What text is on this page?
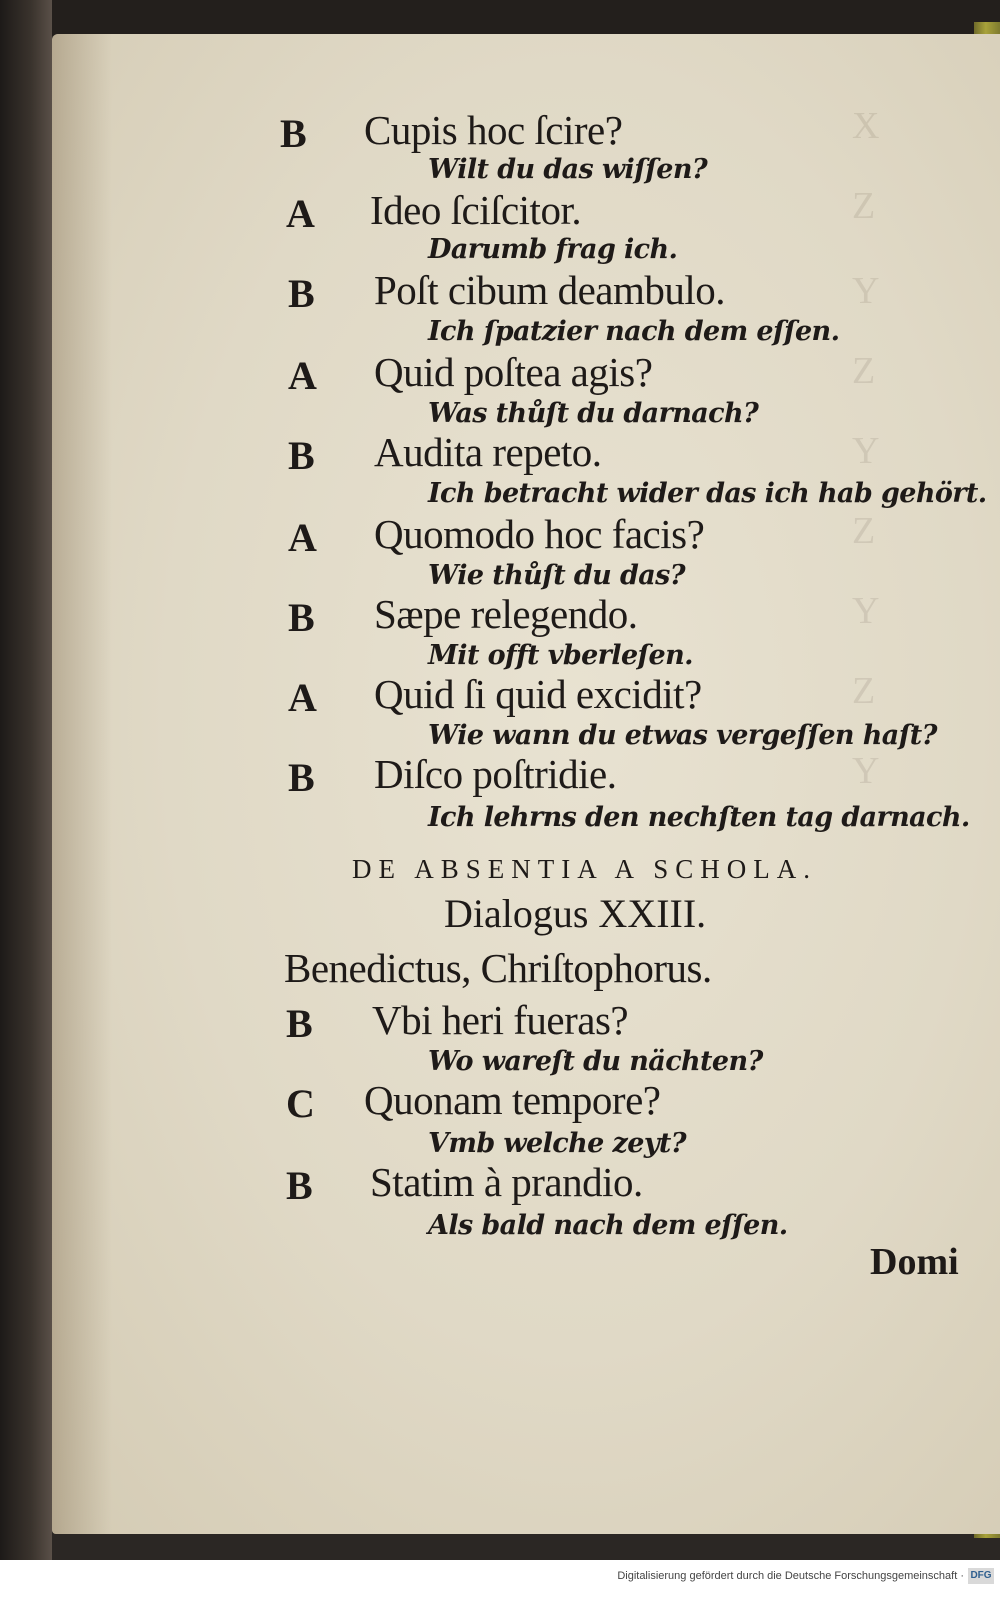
X
Z
Y
Z
Y
Z
Y
Z
Y
B Cupis hoc ſcire?
Wilt du das wiſſen?
A Ideo ſciſcitor.
Darumb frag ich.
B Poſt cibum deambulo.
Ich ſpatzier nach dem eſſen.
A Quid poſtea agis?
Was thůſt du darnach?
B Audita repeto.
Ich betracht wider das ich hab gehört.
A Quomodo hoc facis?
Wie thůſt du das?
B Sæpe relegendo.
Mit offt vberleſen.
A Quid ſi quid excidit?
Wie wann du etwas vergeſſen haſt?
B Diſco poſtridie.
Ich lehrns den nechſten tag darnach.
DE ABSENTIA A SCHOLA.
Dialogus XXIII.
Benedictus, Chriſtophorus.
B Vbi heri fueras?
Wo wareſt du nächten?
C Quonam tempore?
Vmb welche zeyt?
B Statim à prandio.
Als bald nach dem eſſen.
Domi
Digitalisierung gefördert durch die Deutsche Forschungsgemeinschaft · DFG
